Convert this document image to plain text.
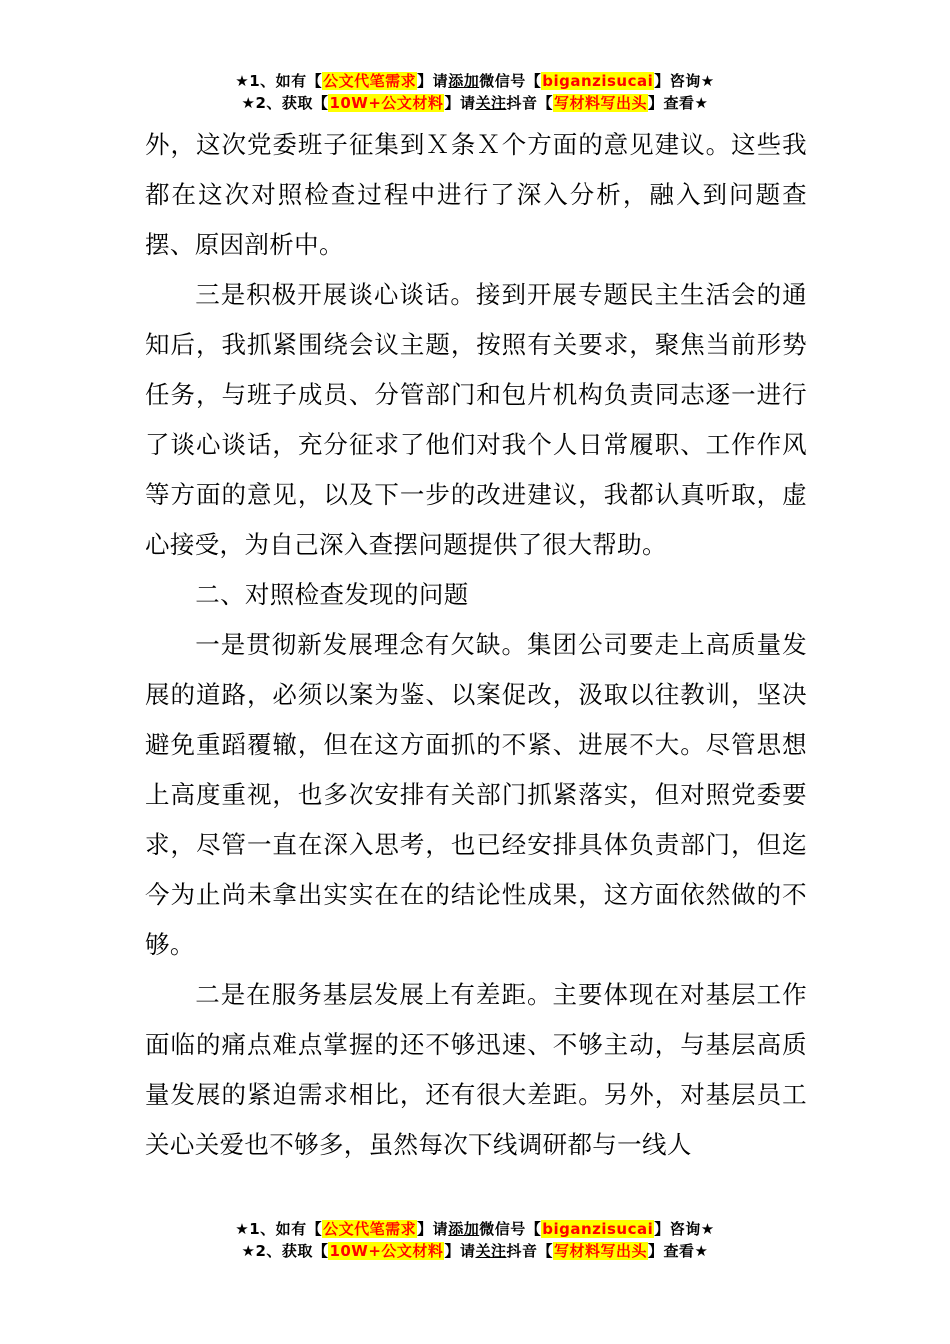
★1、如有【公文代笔需求】请添加微信号【biganzisucai】咨询★
★2、获取【10W+公文材料】请关注抖音【写材料写出头】查看★

外，这次党委班子征集到Ｘ条Ｘ个方面的意见建议。这些我都在这次对照检查过程中进行了深入分析，融入到问题查摆、原因剖析中。

三是积极开展谈心谈话。接到开展专题民主生活会的通知后，我抓紧围绕会议主题，按照有关要求，聚焦当前形势任务，与班子成员、分管部门和包片机构负责同志逐一进行了谈心谈话，充分征求了他们对我个人日常履职、工作作风等方面的意见，以及下一步的改进建议，我都认真听取，虚心接受，为自己深入查摆问题提供了很大帮助。

二、对照检查发现的问题

一是贯彻新发展理念有欠缺。集团公司要走上高质量发展的道路，必须以案为鉴、以案促改，汲取以往教训，坚决避免重蹈覆辙，但在这方面抓的不紧、进展不大。尽管思想上高度重视，也多次安排有关部门抓紧落实，但对照党委要求，尽管一直在深入思考，也已经安排具体负责部门，但迄今为止尚未拿出实实在在的结论性成果，这方面依然做的不够。

二是在服务基层发展上有差距。主要体现在对基层工作面临的痛点难点掌握的还不够迅速、不够主动，与基层高质量发展的紧迫需求相比，还有很大差距。另外，对基层员工关心关爱也不够多，虽然每次下线调研都与一线人

★1、如有【公文代笔需求】请添加微信号【biganzisucai】咨询★
★2、获取【10W+公文材料】请关注抖音【写材料写出头】查看★
